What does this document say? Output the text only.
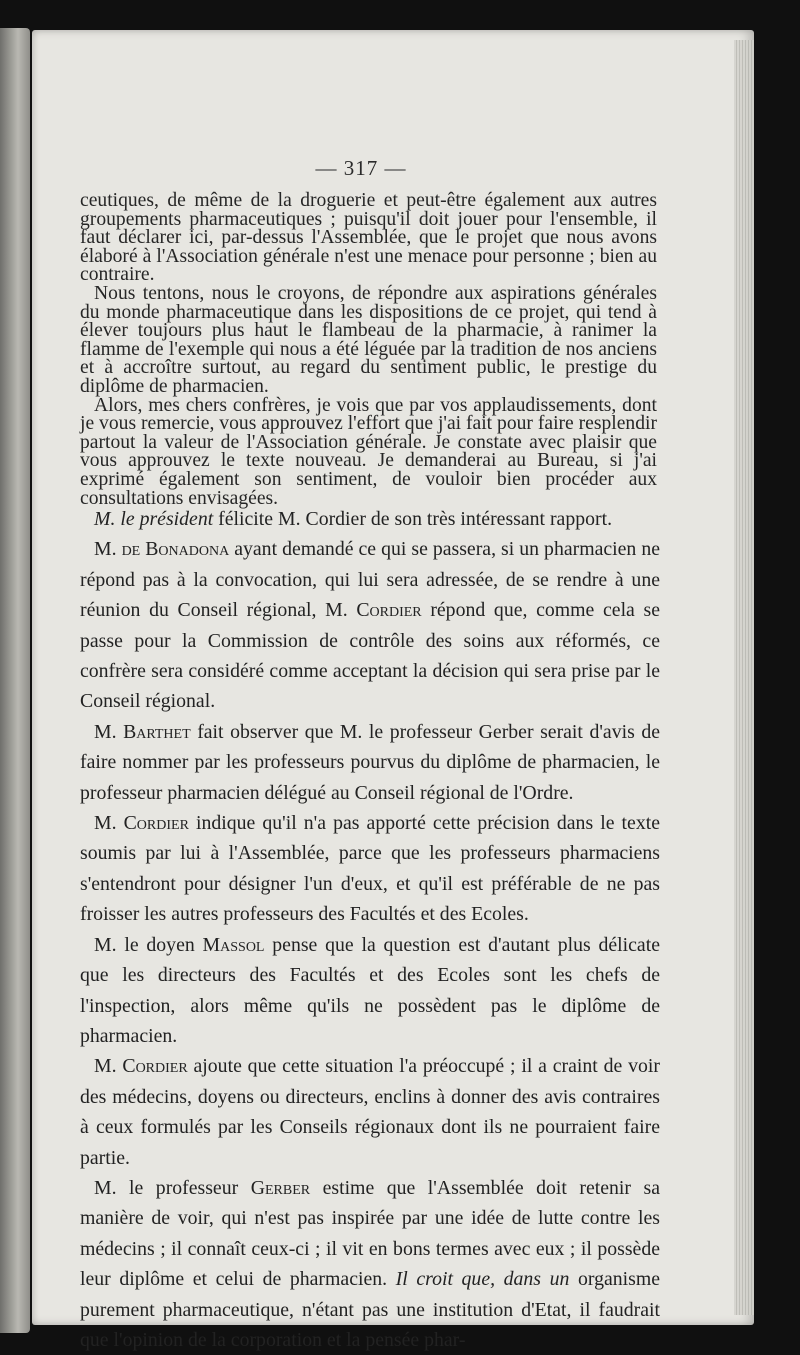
— 317 —

ceutiques, de même de la droguerie et peut-être également aux autres groupements pharmaceutiques ; puisqu'il doit jouer pour l'ensemble, il faut déclarer ici, par-dessus l'Assemblée, que le projet que nous avons élaboré à l'Association générale n'est une menace pour personne ; bien au contraire.

Nous tentons, nous le croyons, de répondre aux aspirations générales du monde pharmaceutique dans les dispositions de ce projet, qui tend à élever toujours plus haut le flambeau de la pharmacie, à ranimer la flamme de l'exemple qui nous a été léguée par la tradition de nos anciens et à accroître surtout, au regard du sentiment public, le prestige du diplôme de pharmacien.

Alors, mes chers confrères, je vois que par vos applaudissements, dont je vous remercie, vous approuvez l'effort que j'ai fait pour faire resplendir partout la valeur de l'Association générale. Je constate avec plaisir que vous approuvez le texte nouveau. Je demanderai au Bureau, si j'ai exprimé également son sentiment, de vouloir bien procéder aux consultations envisagées.

M. le président félicite M. Cordier de son très intéressant rapport.

M. de Bonadona ayant demandé ce qui se passera, si un pharmacien ne répond pas à la convocation, qui lui sera adressée, de se rendre à une réunion du Conseil régional, M. Cordier répond que, comme cela se passe pour la Commission de contrôle des soins aux réformés, ce confrère sera considéré comme acceptant la décision qui sera prise par le Conseil régional.

M. Barthet fait observer que M. le professeur Gerber serait d'avis de faire nommer par les professeurs pourvus du diplôme de pharmacien, le professeur pharmacien délégué au Conseil régional de l'Ordre.

M. Cordier indique qu'il n'a pas apporté cette précision dans le texte soumis par lui à l'Assemblée, parce que les professeurs pharmaciens s'entendront pour désigner l'un d'eux, et qu'il est préférable de ne pas froisser les autres professeurs des Facultés et des Ecoles.

M. le doyen Massol pense que la question est d'autant plus délicate que les directeurs des Facultés et des Ecoles sont les chefs de l'inspection, alors même qu'ils ne possèdent pas le diplôme de pharmacien.

M. Cordier ajoute que cette situation l'a préoccupé ; il a craint de voir des médecins, doyens ou directeurs, enclins à donner des avis contraires à ceux formulés par les Conseils régionaux dont ils ne pourraient faire partie.

M. le professeur Gerber estime que l'Assemblée doit retenir sa manière de voir, qui n'est pas inspirée par une idée de lutte contre les médecins ; il connaît ceux-ci ; il vit en bons termes avec eux ; il possède leur diplôme et celui de pharmacien. Il croit que, dans un organisme purement pharmaceutique, n'étant pas une institution d'Etat, il faudrait que l'opinion de la corporation et la pensée phar-
